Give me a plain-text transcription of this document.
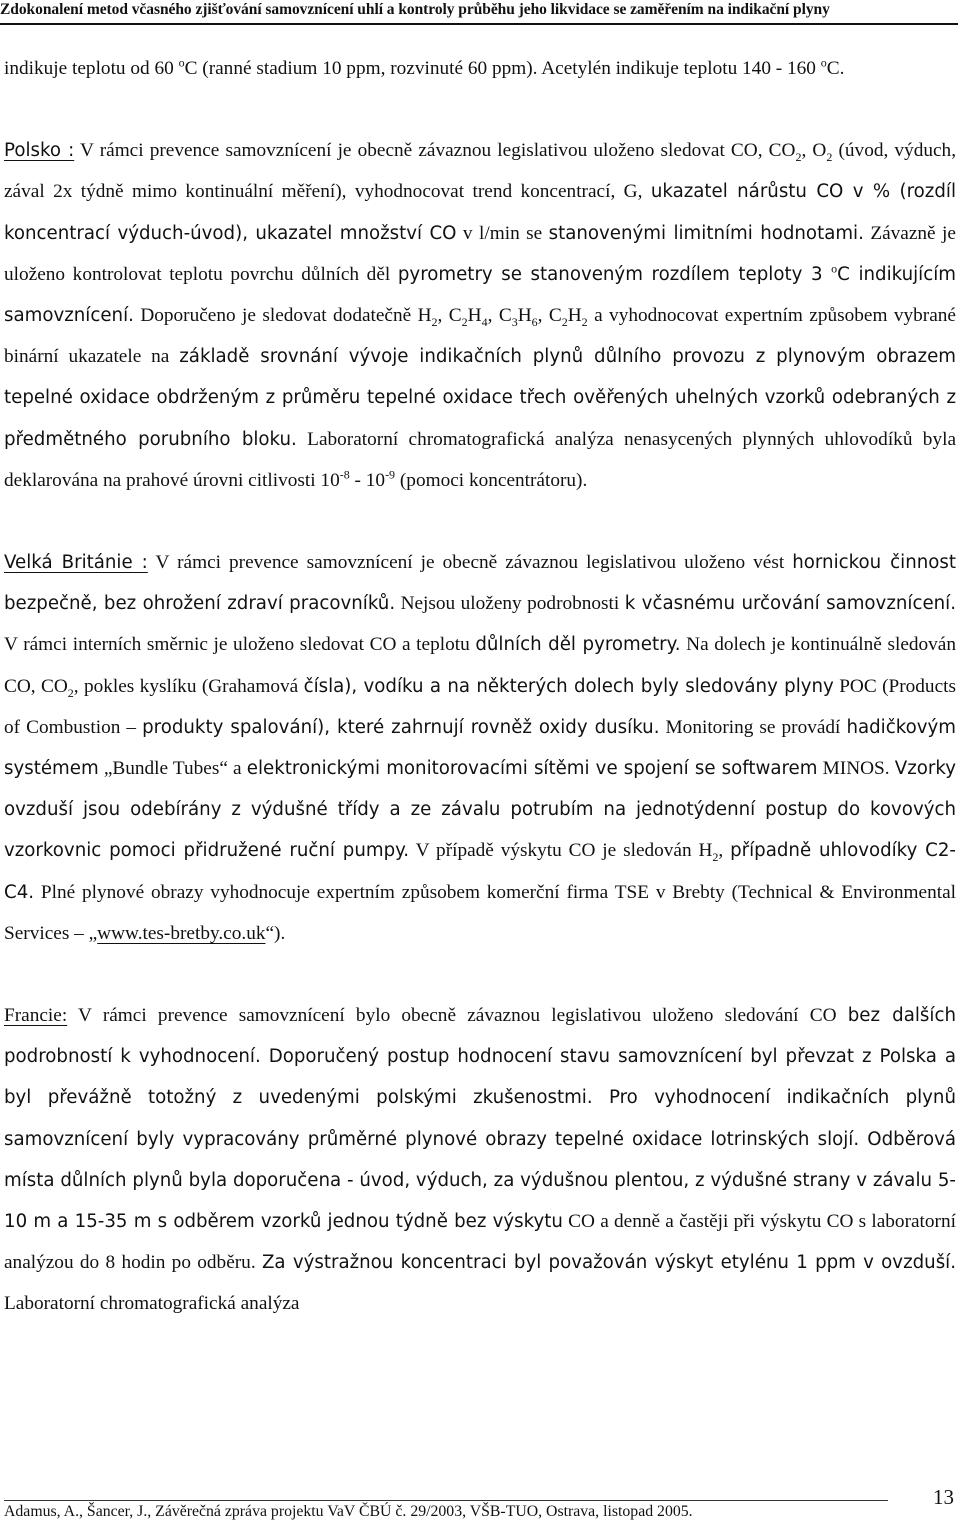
Zdokonalení metod včasného zjišťování samovznícení uhlí a kontroly průběhu jeho likvidace se zaměřením na indikační plyny

indikuje teplotu od 60 $^o$C (ranné stadium 10 ppm, rozvinuté 60 ppm). Acetylén indikuje teplotu 140 - 160 $^o$C.

Polsko : V rámci prevence samovznícení je obecně závaznou legislativou uloženo sledovat CO, $CO_2$, $O_2$ (úvod, výduch, zával 2x týdně mimo kontinuální měření), vyhodnocovat trend koncentrací, G, ukazatel nárůstu CO v % (rozdíl koncentrací výduch-úvod), ukazatel množství CO v l/min se stanovenými limitními hodnotami. Závazně je uloženo kontrolovat teplotu povrchu důlních děl pyrometry se stanoveným rozdílem teploty 3 $^o$C indikujícím samovznícení. Doporučeno je sledovat dodatečně $H_2$, $C_2H_4$, $C_3H_6$, $C_2H_2$ a vyhodnocovat expertním způsobem vybrané binární ukazatele na základě srovnání vývoje indikačních plynů důlního provozu z plynovým obrazem tepelné oxidace obdrženým z průměru tepelné oxidace třech ověřených uhelných vzorků odebraných z předmětného porubního bloku. Laboratorní chromatografická analýza nenasycených plynných uhlovodíků byla deklarována na prahové úrovni citlivosti $10^{-8} - 10^{-9}$ (pomoci koncentrátoru).

Velká Británie : V rámci prevence samovznícení je obecně závaznou legislativou uloženo vést hornickou činnost bezpečně, bez ohrožení zdraví pracovníků. Nejsou uloženy podrobnosti k včasnému určování samovznícení. V rámci interních směrnic je uloženo sledovat CO a teplotu důlních děl pyrometry. Na dolech je kontinuálně sledován CO, $CO_2$, pokles kyslíku (Grahamová čísla), vodíku a na některých dolech byly sledovány plyny POC (Products of Combustion – produkty spalování), které zahrnují rovněž oxidy dusíku. Monitoring se provádí hadičkovým systémem „Bundle Tubes“ a elektronickými monitorovacími sítěmi ve spojení se softwarem MINOS. Vzorky ovzduší jsou odebírány z výdušné třídy a ze závalu potrubím na jednotýdenní postup do kovových vzorkovnic pomoci přidružené ruční pumpy. V případě výskytu CO je sledován $H_2$, případně uhlovodíky C2-C4. Plné plynové obrazy vyhodnocuje expertním způsobem komerční firma TSE v Brebty (Technical & Environmental Services – „www.tes-bretby.co.uk“).

Francie: V rámci prevence samovznícení bylo obecně závaznou legislativou uloženo sledování CO bez dalších podrobností k vyhodnocení. Doporučený postup hodnocení stavu samovznícení byl převzat z Polska a byl převážně totožný z uvedenými polskými zkušenostmi. Pro vyhodnocení indikačních plynů samovznícení byly vypracovány průměrné plynové obrazy tepelné oxidace lotrinských slojí. Odběrová místa důlních plynů byla doporučena - úvod, výduch, za výdušnou plentou, z výdušné strany v závalu 5-10 m a 15-35 m s odběrem vzorků jednou týdně bez výskytu CO a denně a častěji při výskytu CO s laboratorní analýzou do 8 hodin po odběru. Za výstražnou koncentraci byl považován výskyt etylénu 1 ppm v ovzduší. Laboratorní chromatografická analýza

Adamus, A., Šancer, J., Závěrečná zpráva projektu VaV ČBÚ č. 29/2003, VŠB-TUO, Ostrava, listopad 2005.
13
